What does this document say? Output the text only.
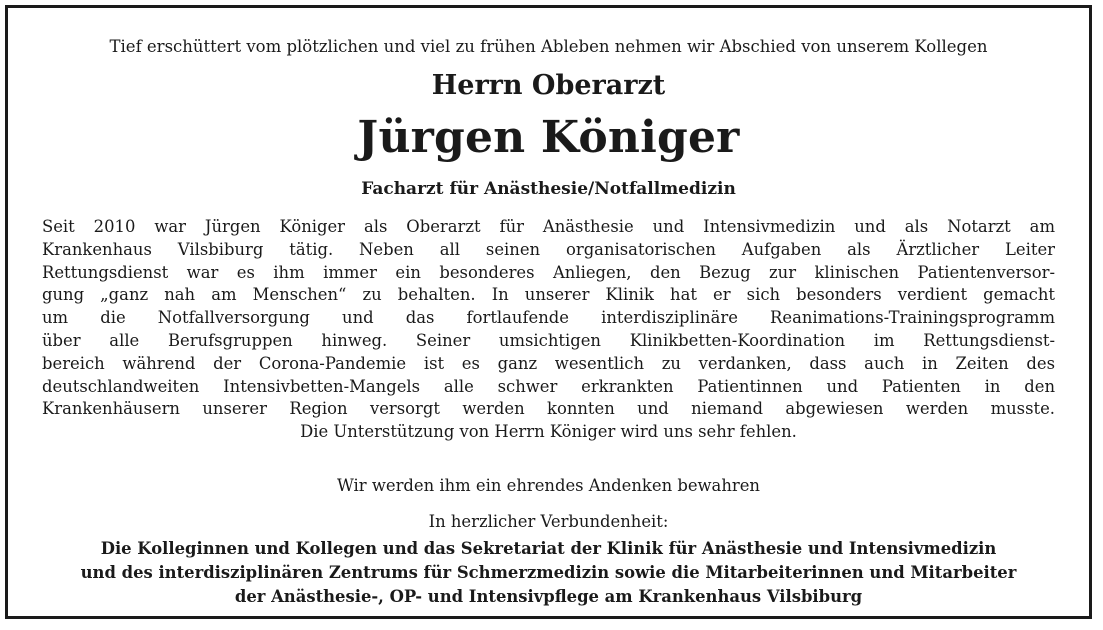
Tief erschüttert vom plötzlichen und viel zu frühen Ableben nehmen wir Abschied von unserem Kollegen
Herrn Oberarzt
Jürgen Königer
Facharzt für Anästhesie/Notfallmedizin
Seit 2010 war Jürgen Königer als Oberarzt für Anästhesie und Intensivmedizin und als Notarzt am
Krankenhaus Vilsbiburg tätig. Neben all seinen organisatorischen Aufgaben als Ärztlicher Leiter
Rettungsdienst war es ihm immer ein besonderes Anliegen, den Bezug zur klinischen Patientenversor-
gung „ganz nah am Menschen“ zu behalten. In unserer Klinik hat er sich besonders verdient gemacht
um die Notfallversorgung und das fortlaufende interdisziplinäre Reanimations-Trainingsprogramm
über alle Berufsgruppen hinweg. Seiner umsichtigen Klinikbetten-Koordination im Rettungsdienst-
bereich während der Corona-Pandemie ist es ganz wesentlich zu verdanken, dass auch in Zeiten des
deutschlandweiten Intensivbetten-Mangels alle schwer erkrankten Patientinnen und Patienten in den
Krankenhäusern unserer Region versorgt werden konnten und niemand abgewiesen werden musste.
Die Unterstützung von Herrn Königer wird uns sehr fehlen.
Wir werden ihm ein ehrendes Andenken bewahren
In herzlicher Verbundenheit:
Die Kolleginnen und Kollegen und das Sekretariat der Klinik für Anästhesie und Intensivmedizin
und des interdisziplinären Zentrums für Schmerzmedizin sowie die Mitarbeiterinnen und Mitarbeiter
der Anästhesie-, OP- und Intensivpflege am Krankenhaus Vilsbiburg
